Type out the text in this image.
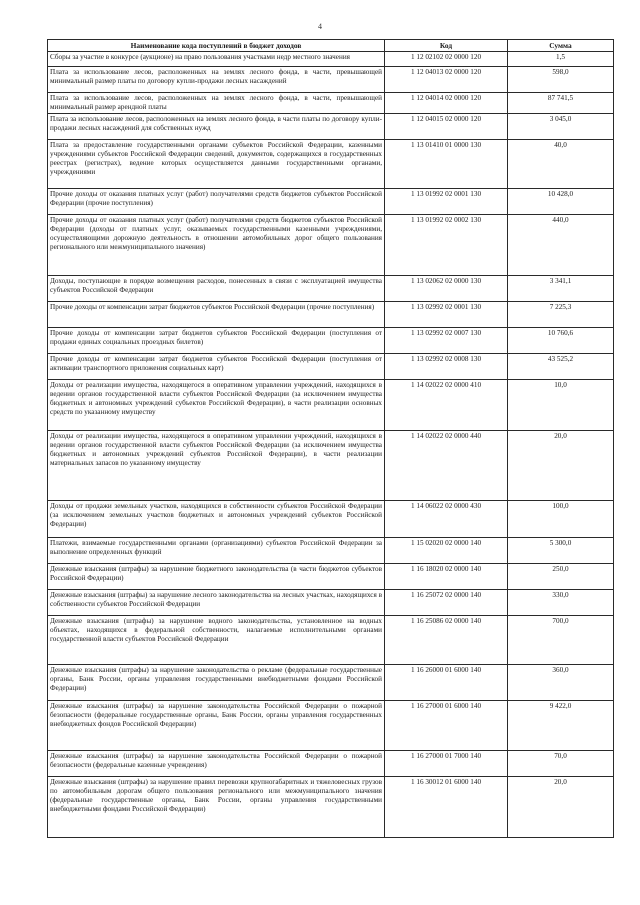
4
Наименование кода поступлений в бюджет доходов	Код	Сумма
Сборы за участие в конкурсе (аукционе) на право пользования участками недр местного значения	1 12 02102 02 0000 120	1,5
Плата за использование лесов, расположенных на землях лесного фонда, в части, превышающей минимальный размер платы по договору купли-продажи лесных насаждений	1 12 04013 02 0000 120	598,0
Плата за использование лесов, расположенных на землях лесного фонда, в части, превышающей минимальный размер арендной платы	1 12 04014 02 0000 120	87 741,5
Плата за использование лесов, расположенных на землях лесного фонда, в части платы по договору купли-продажи лесных насаждений для собственных нужд	1 12 04015 02 0000 120	3 045,0
Плата за предоставление государственными органами субъектов Российской Федерации, казенными учреждениями субъектов Российской Федерации сведений, документов, содержащихся в государственных реестрах (регистрах), ведение которых осуществляется данными государственными органами, учреждениями	1 13 01410 01 0000 130	40,0
Прочие доходы от оказания платных услуг (работ) получателями средств бюджетов субъектов Российской Федерации (прочие поступления)	1 13 01992 02 0001 130	10 428,0
Прочие доходы от оказания платных услуг (работ) получателями средств бюджетов субъектов Российской Федерации (доходы от платных услуг, оказываемых государственными казенными учреждениями, осуществляющими дорожную деятельность в отношении автомобильных дорог общего пользования регионального или межмуниципального значения)	1 13 01992 02 0002 130	440,0
Доходы, поступающие в порядке возмещения расходов, понесенных в связи с эксплуатацией имущества субъектов Российской Федерации	1 13 02062 02 0000 130	3 341,1
Прочие доходы от компенсации затрат бюджетов субъектов Российской Федерации (прочие поступления)	1 13 02992 02 0001 130	7 225,3
Прочие доходы от компенсации затрат бюджетов субъектов Российской Федерации (поступления от продажи единых социальных проездных билетов)	1 13 02992 02 0007 130	10 760,6
Прочие доходы от компенсации затрат бюджетов субъектов Российской Федерации (поступления от активации транспортного приложения социальных карт)	1 13 02992 02 0008 130	43 525,2
Доходы от реализации имущества, находящегося в оперативном управлении учреждений, находящихся в ведении органов государственной власти субъектов Российской Федерации (за исключением имущества бюджетных и автономных учреждений субъектов Российской Федерации), в части реализации основных средств по указанному имуществу	1 14 02022 02 0000 410	10,0
Доходы от реализации имущества, находящегося в оперативном управлении учреждений, находящихся в ведении органов государственной власти субъектов Российской Федерации (за исключением имущества бюджетных и автономных учреждений субъектов Российской Федерации), в части реализации материальных запасов по указанному имуществу	1 14 02022 02 0000 440	20,0
Доходы от продажи земельных участков, находящихся в собственности субъектов Российской Федерации (за исключением земельных участков бюджетных и автономных учреждений субъектов Российской Федерации)	1 14 06022 02 0000 430	100,0
Платежи, взимаемые государственными органами (организациями) субъектов Российской Федерации за выполнение определенных функций	1 15 02020 02 0000 140	5 300,0
Денежные взыскания (штрафы) за нарушение бюджетного законодательства (в части бюджетов субъектов Российской Федерации)	1 16 18020 02 0000 140	250,0
Денежные взыскания (штрафы) за нарушение лесного законодательства на лесных участках, находящихся в собственности субъектов Российской Федерации	1 16 25072 02 0000 140	330,0
Денежные взыскания (штрафы) за нарушение водного законодательства, установленное на водных объектах, находящихся в федеральной собственности, налагаемые исполнительными органами государственной власти субъектов Российской Федерации	1 16 25086 02 0000 140	700,0
Денежные взыскания (штрафы) за нарушение законодательства о рекламе (федеральные государственные органы, Банк России, органы управления государственными внебюджетными фондами Российской Федерации)	1 16 26000 01 6000 140	360,0
Денежные взыскания (штрафы) за нарушение законодательства Российской Федерации о пожарной безопасности (федеральные государственные органы, Банк России, органы управления государственных внебюджетных фондов Российской Федерации)	1 16 27000 01 6000 140	9 422,0
Денежные взыскания (штрафы) за нарушение законодательства Российской Федерации о пожарной безопасности (федеральные казенные учреждения)	1 16 27000 01 7000 140	70,0
Денежные взыскания (штрафы) за нарушение правил перевозки крупногабаритных и тяжеловесных грузов по автомобильным дорогам общего пользования регионального или межмуниципального значения (федеральные государственные органы, Банк России, органы управления государственными внебюджетными фондами Российской Федерации)	1 16 30012 01 6000 140	20,0
